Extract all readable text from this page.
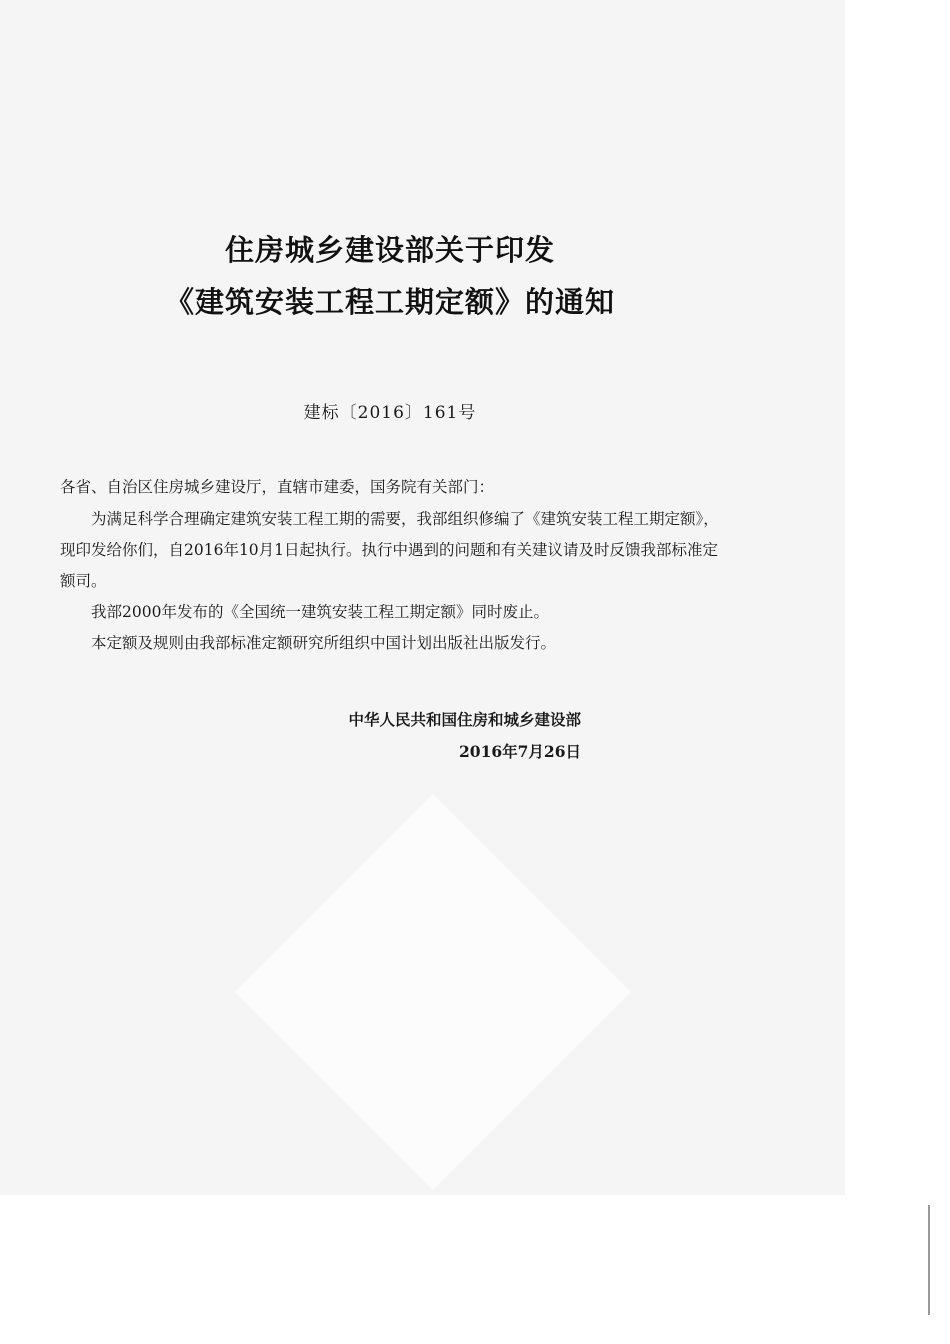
住房城乡建设部关于印发
《建筑安装工程工期定额》的通知
建标〔2016〕161号
各省、自治区住房城乡建设厅，直辖市建委，国务院有关部门：
为满足科学合理确定建筑安装工程工期的需要，我部组织修编了《建筑安装工程工期定额》，现印发给你们，自2016年10月1日起执行。执行中遇到的问题和有关建议请及时反馈我部标准定额司。
我部2000年发布的《全国统一建筑安装工程工期定额》同时废止。
本定额及规则由我部标准定额研究所组织中国计划出版社出版发行。
中华人民共和国住房和城乡建设部
2016年7月26日
